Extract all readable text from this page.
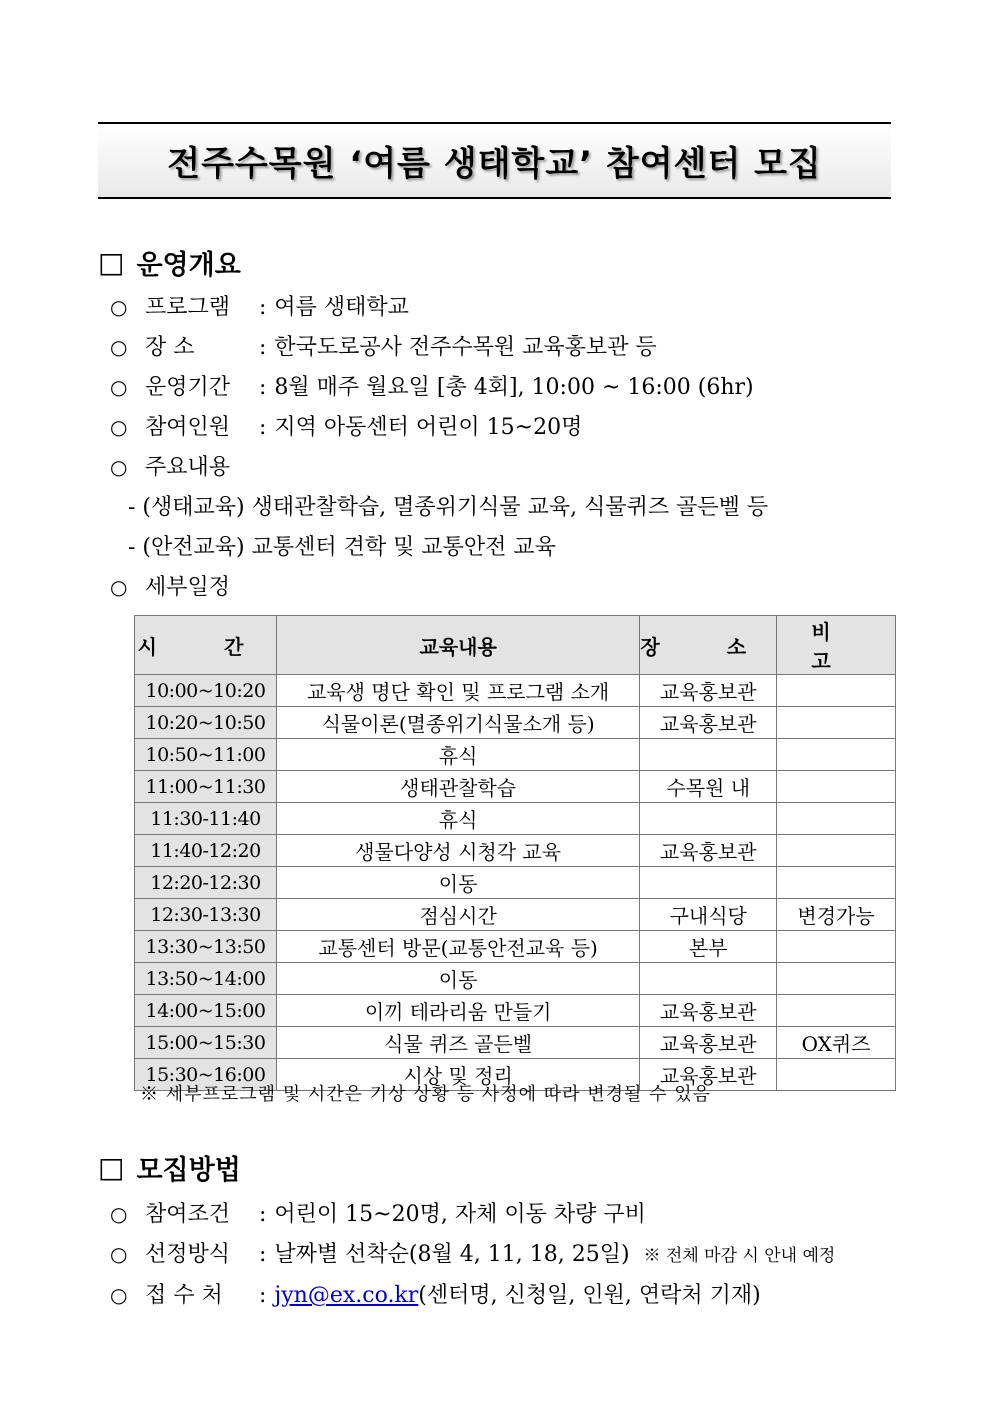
전주수목원 ‘여름 생태학교’ 참여센터 모집
□ 운영개요
○ 프로그램	: 여름 생태학교
○ 장 소	: 한국도로공사 전주수목원 교육홍보관 등
○ 운영기간	: 8월 매주 월요일 [총 4회], 10:00 ~ 16:00 (6hr)
○ 참여인원	: 지역 아동센터 어린이 15~20명
○ 주요내용
- (생태교육) 생태관찰학습, 멸종위기식물 교육, 식물퀴즈 골든벨 등
- (안전교육) 교통센터 견학 및 교통안전 교육
○ 세부일정
시 간	교육내용	장 소	비 고
10:00~10:20	교육생 명단 확인 및 프로그램 소개	교육홍보관	
10:20~10:50	식물이론(멸종위기식물소개 등)	교육홍보관	
10:50~11:00	휴식		
11:00~11:30	생태관찰학습	수목원 내	
11:30-11:40	휴식		
11:40-12:20	생물다양성 시청각 교육	교육홍보관	
12:20-12:30	이동		
12:30-13:30	점심시간	구내식당	변경가능
13:30~13:50	교통센터 방문(교통안전교육 등)	본부	
13:50~14:00	이동		
14:00~15:00	이끼 테라리움 만들기	교육홍보관	
15:00~15:30	식물 퀴즈 골든벨	교육홍보관	OX퀴즈
15:30~16:00	시상 및 정리	교육홍보관	
※ 세부프로그램 및 시간은 기상 상황 등 사정에 따라 변경될 수 있음
□ 모집방법
○ 참여조건	: 어린이 15~20명, 자체 이동 차량 구비
○ 선정방식	: 날짜별 선착순(8월 4, 11, 18, 25일) ※ 전체 마감 시 안내 예정
○ 접 수 처	: jyn@ex.co.kr (센터명, 신청일, 인원, 연락처 기재)
